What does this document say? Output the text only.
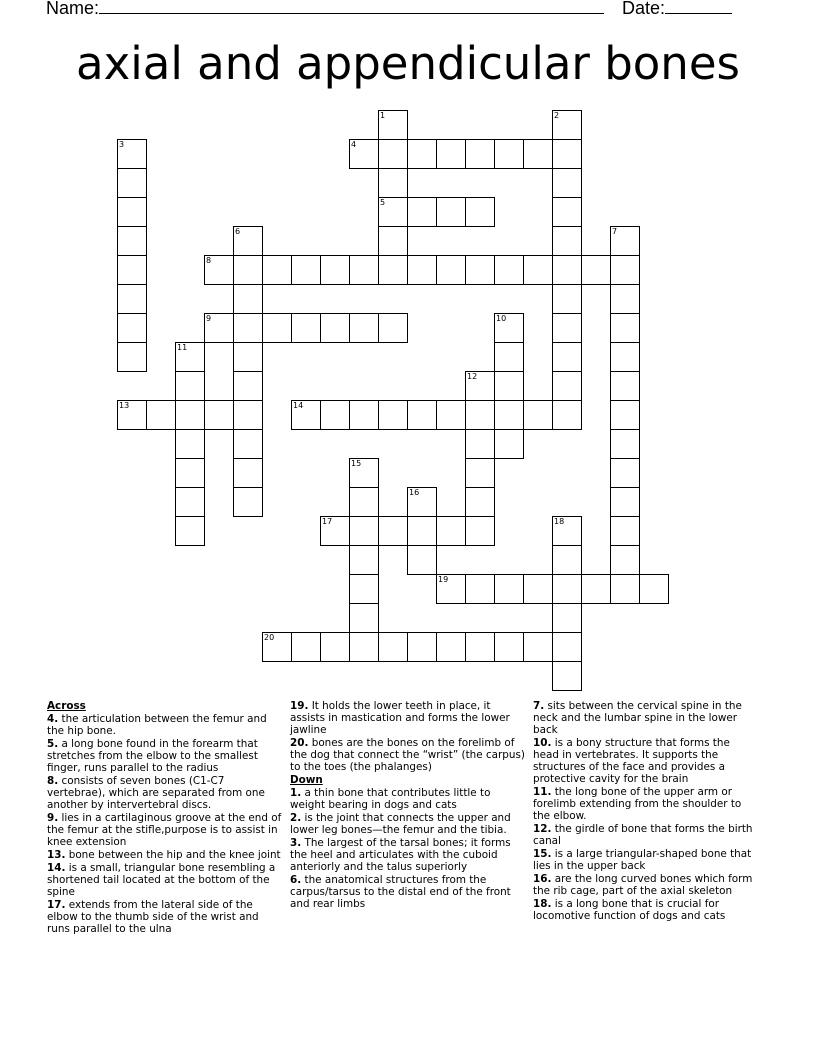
Name:	Date:
axial and appendicular bones
1
5
2
3	4
6	7
8
9	10
11
12
13	14
15
16
17	18
19
20
Across
4. the articulation between the femur and the hip bone.
5. a long bone found in the forearm that stretches from the elbow to the smallest finger, runs parallel to the radius
8. consists of seven bones (C1-C7 vertebrae), which are separated from one another by intervertebral discs.
9. lies in a cartilaginous groove at the end of the femur at the stifle,purpose is to assist in knee extension
13. bone between the hip and the knee joint
14. is a small, triangular bone resembling a shortened tail located at the bottom of the spine
17. extends from the lateral side of the elbow to the thumb side of the wrist and runs parallel to the ulna
19. It holds the lower teeth in place, it assists in mastication and forms the lower jawline
20. bones are the bones on the forelimb of the dog that connect the “wrist” (the carpus) to the toes (the phalanges)
Down
1. a thin bone that contributes little to weight bearing in dogs and cats
2. is the joint that connects the upper and lower leg bones—the femur and the tibia.
3. The largest of the tarsal bones; it forms the heel and articulates with the cuboid anteriorly and the talus superiorly
6. the anatomical structures from the carpus/tarsus to the distal end of the front and rear limbs
7. sits between the cervical spine in the neck and the lumbar spine in the lower back
10. is a bony structure that forms the head in vertebrates. It supports the structures of the face and provides a protective cavity for the brain
11. the long bone of the upper arm or forelimb extending from the shoulder to the elbow.
12. the girdle of bone that forms the birth canal
15. is a large triangular-shaped bone that lies in the upper back
16. are the long curved bones which form the rib cage, part of the axial skeleton
18. is a long bone that is crucial for locomotive function of dogs and cats
